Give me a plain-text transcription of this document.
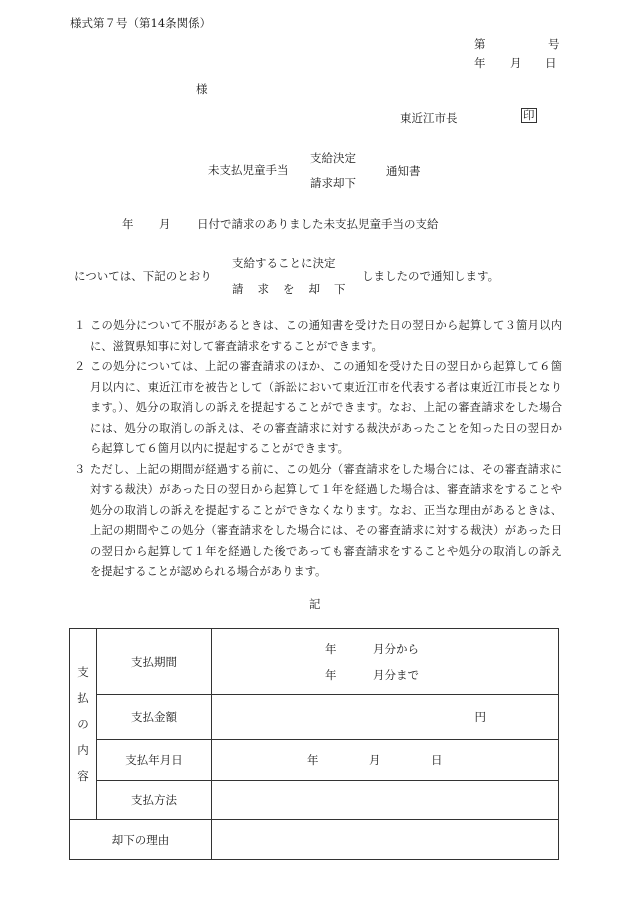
様式第７号（第14条関係）
第	号
年 月 日
様
東近江市長	印
支給決定
未支払児童手当	通知書
請求却下
年 月 日付で請求のありました未支払児童手当の支給
支給することに決定
については、下記のとおり	しましたので通知します。
請 求 を 却 下
１ この処分について不服があるときは、この通知書を受けた日の翌日から起算して３箇月以内に、滋賀県知事に対して審査請求をすることができます。
２ この処分については、上記の審査請求のほか、この通知を受けた日の翌日から起算して６箇月以内に、東近江市を被告として（訴訟において東近江市を代表する者は東近江市長となります。）、処分の取消しの訴えを提起することができます。なお、上記の審査請求をした場合には、処分の取消しの訴えは、その審査請求に対する裁決があったことを知った日の翌日から起算して６箇月以内に提起することができます。
３ ただし、上記の期間が経過する前に、この処分（審査請求をした場合には、その審査請求に対する裁決）があった日の翌日から起算して１年を経過した場合は、審査請求をすることや処分の取消しの訴えを提起することができなくなります。なお、正当な理由があるときは、上記の期間やこの処分（審査請求をした場合には、その審査請求に対する裁決）があった日の翌日から起算して１年を経過した後であっても審査請求をすることや処分の取消しの訴えを提起することが認められる場合があります。
記
支
払
の
内
容	支払期間	年 月分から
年 月分まで

	支払金額	円
	支払年月日	年 月 日

	支払方法	
却下の理由		
